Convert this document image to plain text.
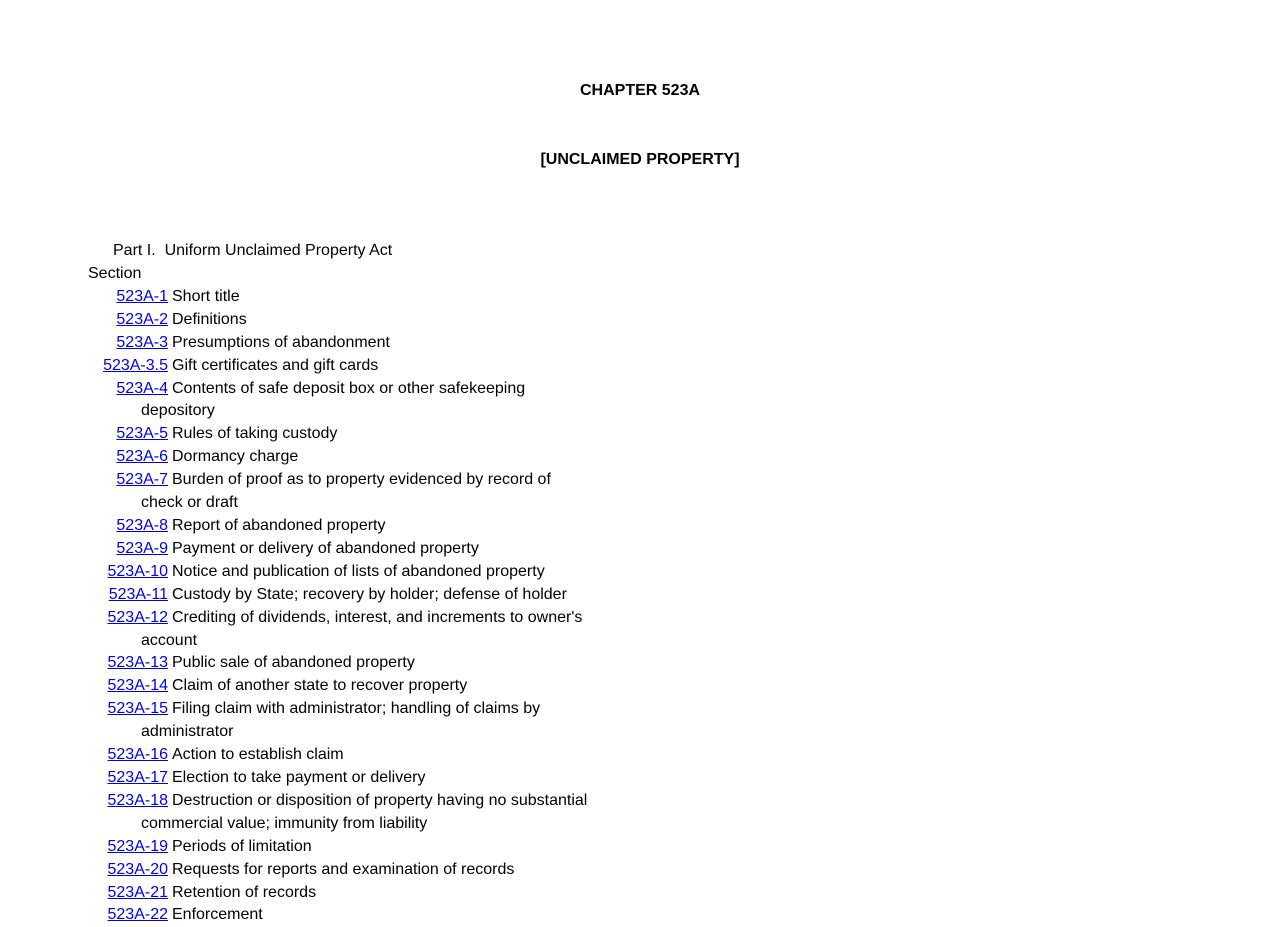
CHAPTER 523A

[UNCLAIMED PROPERTY]

Part I.  Uniform Unclaimed Property Act
Section
523A-1 Short title
523A-2 Definitions
523A-3 Presumptions of abandonment
523A-3.5 Gift certificates and gift cards
523A-4 Contents of safe deposit box or other safekeeping depository
523A-5 Rules of taking custody
523A-6 Dormancy charge
523A-7 Burden of proof as to property evidenced by record of check or draft
523A-8 Report of abandoned property
523A-9 Payment or delivery of abandoned property
523A-10 Notice and publication of lists of abandoned property
523A-11 Custody by State; recovery by holder; defense of holder
523A-12 Crediting of dividends, interest, and increments to owner's account
523A-13 Public sale of abandoned property
523A-14 Claim of another state to recover property
523A-15 Filing claim with administrator; handling of claims by administrator
523A-16 Action to establish claim
523A-17 Election to take payment or delivery
523A-18 Destruction or disposition of property having no substantial commercial value; immunity from liability
523A-19 Periods of limitation
523A-20 Requests for reports and examination of records
523A-21 Retention of records
523A-22 Enforcement
